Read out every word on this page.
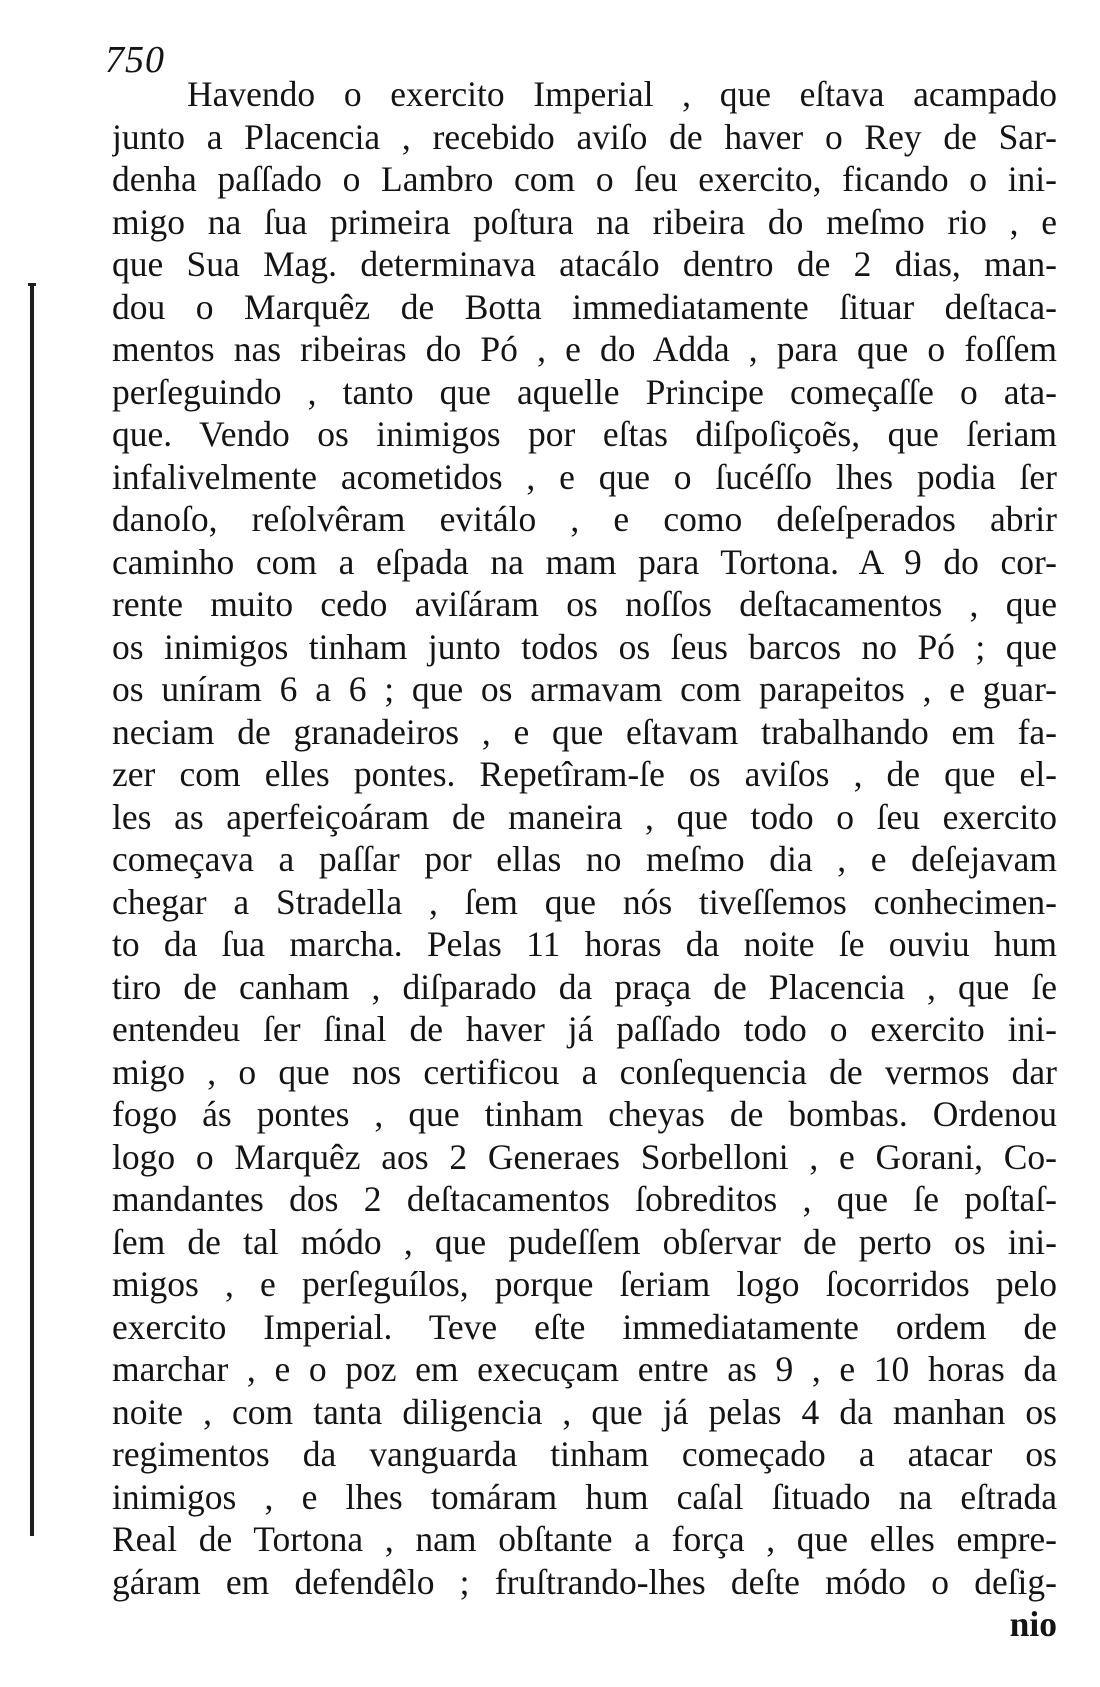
750
Havendo o exercito Imperial , que eſtava acampado
junto a Placencia , recebido aviſo de haver o Rey de Sar-
denha paſſado o Lambro com o ſeu exercito, ficando o ini-
migo na ſua primeira poſtura na ribeira do meſmo rio , e
que Sua Mag. determinava atacálo dentro de 2 dias, man-
dou o Marquêz de Botta immediatamente ſituar deſtaca-
mentos nas ribeiras do Pó , e do Adda , para que o foſſem
perſeguindo , tanto que aquelle Principe começaſſe o ata-
que. Vendo os inimigos por eſtas diſpoſiçoẽs, que ſeriam
infalivelmente acometidos , e que o ſucéſſo lhes podia ſer
danoſo, reſolvêram evitálo , e como deſeſperados abrir
caminho com a eſpada na mam para Tortona. A 9 do cor-
rente muito cedo aviſáram os noſſos deſtacamentos , que
os inimigos tinham junto todos os ſeus barcos no Pó ; que
os uníram 6 a 6 ; que os armavam com parapeitos , e guar-
neciam de granadeiros , e que eſtavam trabalhando em fa-
zer com elles pontes. Repetîram-ſe os aviſos , de que el-
les as aperfeiçoáram de maneira , que todo o ſeu exercito
começava a paſſar por ellas no meſmo dia , e deſejavam
chegar a Stradella , ſem que nós tiveſſemos conhecimen-
to da ſua marcha. Pelas 11 horas da noite ſe ouviu hum
tiro de canham , diſparado da praça de Placencia , que ſe
entendeu ſer ſinal de haver já paſſado todo o exercito ini-
migo , o que nos certificou a conſequencia de vermos dar
fogo ás pontes , que tinham cheyas de bombas. Ordenou
logo o Marquêz aos 2 Generaes Sorbelloni , e Gorani, Co-
mandantes dos 2 deſtacamentos ſobreditos , que ſe poſtaſ-
ſem de tal módo , que pudeſſem obſervar de perto os ini-
migos , e perſeguílos, porque ſeriam logo ſocorridos pelo
exercito Imperial. Teve eſte immediatamente ordem de
marchar , e o poz em execuçam entre as 9 , e 10 horas da
noite , com tanta diligencia , que já pelas 4 da manhan os
regimentos da vanguarda tinham começado a atacar os
inimigos , e lhes tomáram hum caſal ſituado na eſtrada
Real de Tortona , nam obſtante a força , que elles empre-
gáram em defendêlo ; fruſtrando-lhes deſte módo o deſig-
nio
